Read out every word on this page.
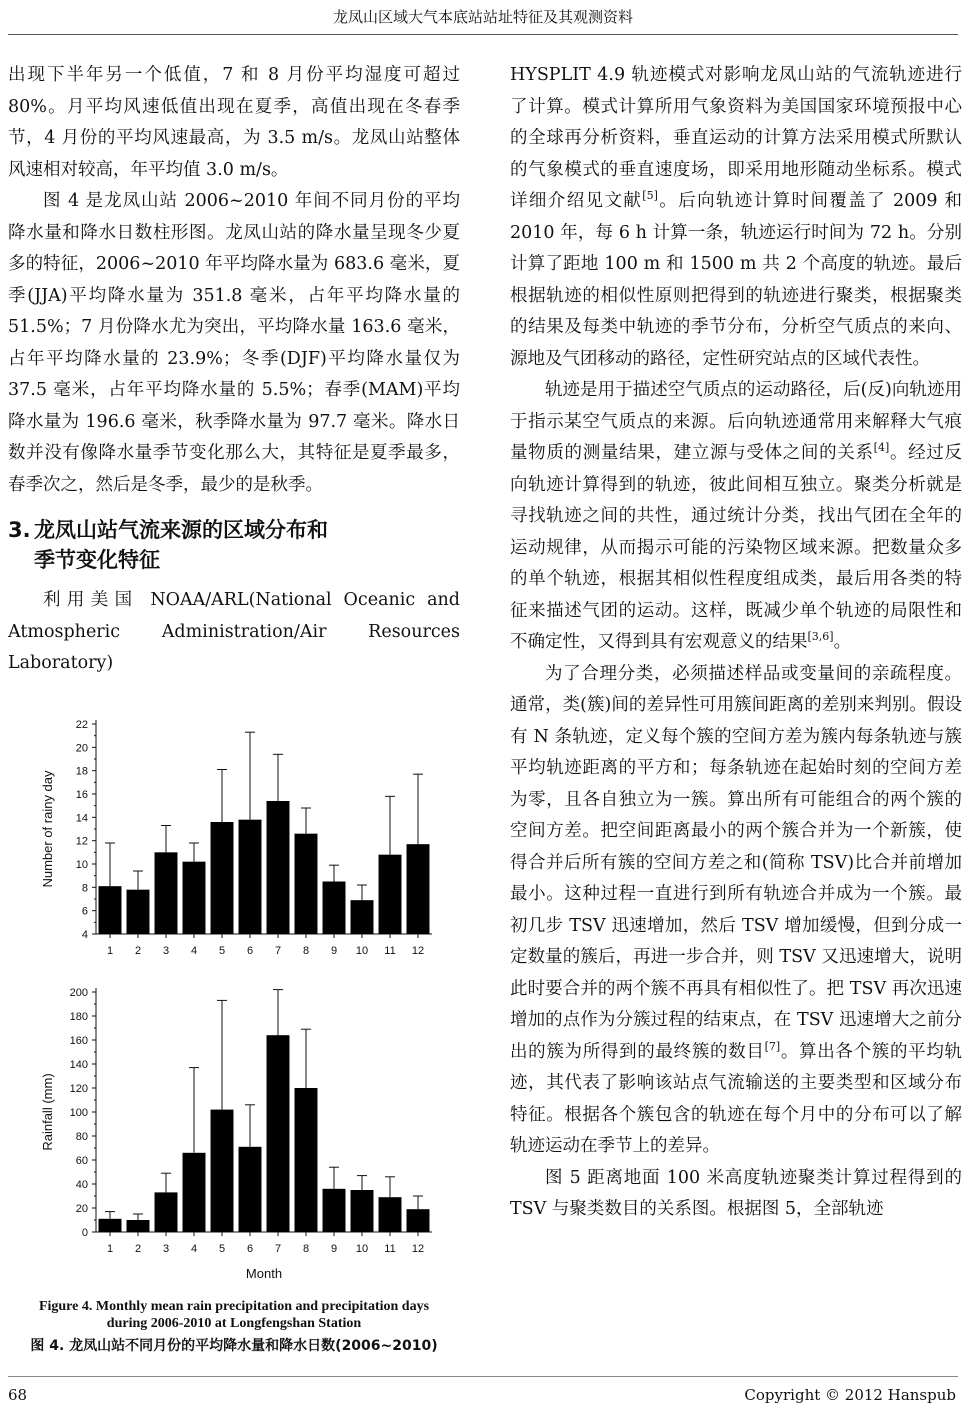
龙凤山区域大气本底站站址特征及其观测资料

出现下半年另一个低值，7 和 8 月份平均湿度可超过 80%。月平均风速低值出现在夏季，高值出现在冬春季节，4 月份的平均风速最高，为 3.5 m/s。龙凤山站整体风速相对较高，年平均值 3.0 m/s。

图 4 是龙凤山站 2006~2010 年间不同月份的平均降水量和降水日数柱形图。龙凤山站的降水量呈现冬少夏多的特征，2006~2010 年平均降水量为 683.6 毫米，夏季(JJA)平均降水量为 351.8 毫米，占年平均降水量的 51.5%；7 月份降水尤为突出，平均降水量 163.6 毫米，占年平均降水量的 23.9%；冬季(DJF)平均降水量仅为 37.5 毫米，占年平均降水量的 5.5%；春季(MAM)平均降水量为 196.6 毫米，秋季降水量为 97.7 毫米。降水日数并没有像降水量季节变化那么大，其特征是夏季最多，春季次之，然后是冬季，最少的是秋季。

3. 龙凤山站气流来源的区域分布和
季节变化特征

利用美国 NOAA/ARL(National Oceanic and Atmospheric Administration/Air Resources Laboratory)

4
6
8
10
12
14
16
18
20
22
1 2 3 4 5 6 7 8 9 10 11 12
Number of rainy day
0
20
40
60
80
100
120
140
160
180
200
1 2 3 4 5 6 7 8 9 10 11 12
Rainfall (mm)
Month
Figure 4. Monthly mean rain precipitation and precipitation days
during 2006-2010 at Longfengshan Station
图 4. 龙凤山站不同月份的平均降水量和降水日数(2006~2010)

HYSPLIT 4.9 轨迹模式对影响龙凤山站的气流轨迹进行了计算。模式计算所用气象资料为美国国家环境预报中心的全球再分析资料，垂直运动的计算方法采用模式所默认的气象模式的垂直速度场，即采用地形随动坐标系。模式详细介绍见文献[5]。后向轨迹计算时间覆盖了 2009 和 2010 年，每 6 h 计算一条，轨迹运行时间为 72 h。分别计算了距地 100 m 和 1500 m 共 2 个高度的轨迹。最后根据轨迹的相似性原则把得到的轨迹进行聚类，根据聚类的结果及每类中轨迹的季节分布，分析空气质点的来向、源地及气团移动的路径，定性研究站点的区域代表性。

轨迹是用于描述空气质点的运动路径，后(反)向轨迹用于指示某空气质点的来源。后向轨迹通常用来解释大气痕量物质的测量结果，建立源与受体之间的关系[4]。经过反向轨迹计算得到的轨迹，彼此间相互独立。聚类分析就是寻找轨迹之间的共性，通过统计分类，找出气团在全年的运动规律，从而揭示可能的污染物区域来源。把数量众多的单个轨迹，根据其相似性程度组成类，最后用各类的特征来描述气团的运动。这样，既减少单个轨迹的局限性和不确定性，又得到具有宏观意义的结果[3,6]。

为了合理分类，必须描述样品或变量间的亲疏程度。通常，类(簇)间的差异性可用簇间距离的差别来判别。假设有 N 条轨迹，定义每个簇的空间方差为簇内每条轨迹与簇平均轨迹距离的平方和；每条轨迹在起始时刻的空间方差为零，且各自独立为一簇。算出所有可能组合的两个簇的空间方差。把空间距离最小的两个簇合并为一个新簇，使得合并后所有簇的空间方差之和(简称 TSV)比合并前增加最小。这种过程一直进行到所有轨迹合并成为一个簇。最初几步 TSV 迅速增加，然后 TSV 增加缓慢，但到分成一定数量的簇后，再进一步合并，则 TSV 又迅速增大，说明此时要合并的两个簇不再具有相似性了。把 TSV 再次迅速增加的点作为分簇过程的结束点，在 TSV 迅速增大之前分出的簇为所得到的最终簇的数目[7]。算出各个簇的平均轨迹，其代表了影响该站点气流输送的主要类型和区域分布特征。根据各个簇包含的轨迹在每个月中的分布可以了解轨迹运动在季节上的差异。

图 5 距离地面 100 米高度轨迹聚类计算过程得到的 TSV 与聚类数目的关系图。根据图 5，全部轨迹

68	Copyright © 2012 Hanspub
